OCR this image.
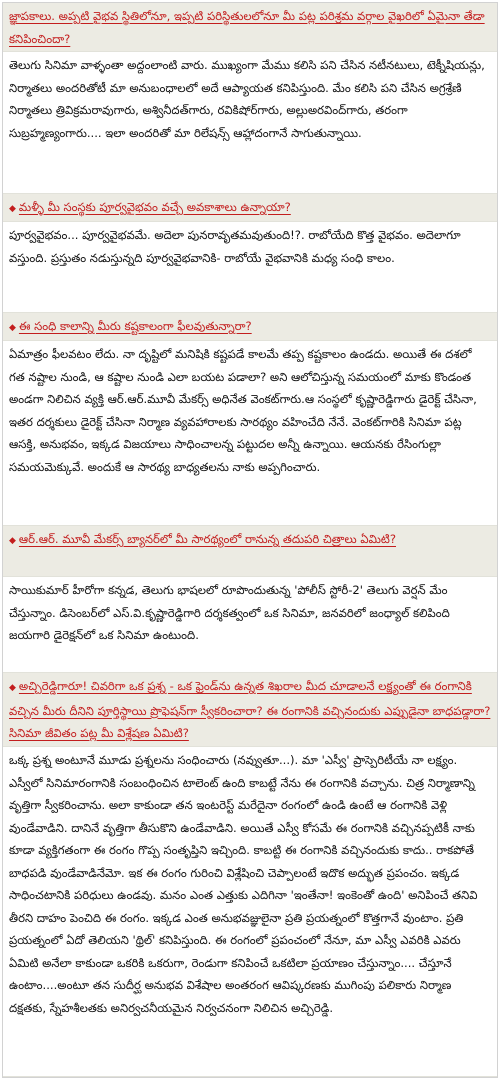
జ్ఞాపకాలు. అప్పటి వైభవ స్థితిలోనూ, ఇప్పటి పరిస్థితులలోనూ మీ పట్ల పరిశ్రమ వర్గాల వైఖరిలో ఏమైనా తేడా కనిపించిందా?
తెలుగు సినిమా వాళ్ళంతా అద్దంలాంటి వారు. ముఖ్యంగా మేము కలిసి పని చేసిన నటీనటులు, టెక్నీషియన్లు, నిర్మాతలు అందరితోటీ మా అనుబంధాలలో అదే ఆప్యాయత కనిపిస్తుంది. మేం కలిసి పని చేసిన అగ్రశ్రేణి నిర్మాతలు త్రివిక్రమరావుగారు, అశ్వినీదత్‌గారు, రవికిషోర్‌గారు, అల్లుఅరవింద్‌గారు, తరంగా సుబ్రహ్మణ్యంగారు.... ఇలా అందరితో మా రిలేషన్స్ ఆహ్లాదంగానే సాగుతున్నాయి.
◆ మళ్ళీ మీ సంస్థకు పూర్వవైభవం వచ్చే అవకాశాలు ఉన్నాయా?
పూర్వవైభవం... పూర్వవైభవమే. అదెలా పునరావృతమవుతుంది!?. రాబోయేది కొత్త వైభవం. అదెలాగూ వస్తుంది. ప్రస్తుతం నడుస్తున్నది పూర్వవైభవానికి- రాబోయే వైభవానికి మధ్య సంధి కాలం.
◆ ఈ సంధి కాలాన్ని మీరు కష్టకాలంగా ఫీలవుతున్నారా?
ఏమాత్రం ఫీలవటం లేదు. నా దృష్టిలో మనిషికి కష్టపడే కాలమే తప్ప కష్టకాలం ఉండదు. అయితే ఈ దశలో గత నష్టాల నుండి, ఆ కష్టాల నుండి ఎలా బయట పడాలా? అని ఆలోచిస్తున్న సమయంలో మాకు కొండంత అండగా నిలిచిన వ్యక్తి ఆర్.ఆర్.మూవీ మేకర్స్ అధినేత వెంకట్‌గారు.ఆ సంస్థలో కృష్ణారెడ్డిగారు డైరెక్ట్ చేసినా, ఇతర దర్శకులు డైరెక్ట్ చేసినా నిర్మాణ వ్యవహారాలకు సారథ్యం వహించేది నేనే. వెంకట్‌గారికి సినిమా పట్ల ఆసక్తి, అనుభవం, ఇక్కడ విజయాలు సాధించాలన్న పట్టుదల అన్నీ ఉన్నాయి. ఆయనకు రేసింగుల్లా సమయమెక్కువే. అందుకే ఆ సారథ్య బాధ్యతలను నాకు అప్పగించారు.
◆ ఆర్.ఆర్. మూవీ మేకర్స్ బ్యానర్‌లో మీ సారథ్యంలో రానున్న తదుపరి చిత్రాలు ఏమిటి?
సాయికుమార్ హీరోగా కన్నడ, తెలుగు భాషలలో రూపొందుతున్న 'పోలీస్ స్టోరీ-2' తెలుగు వెర్షన్ మేం చేస్తున్నాం. డిసెంబర్‌లో ఎస్.వి.కృష్ణారెడ్డిగారి దర్శకత్వంలో ఒక సినిమా, జనవరిలో జంధ్యాల్ కలిపింది జయగారి డైరెక్షన్‌లో ఒక సినిమా ఉంటుంది.
◆ అచ్చిరెడ్డిగారూ! చివరిగా ఒక ప్రశ్న - ఒక ఫ్రెండ్‌ను ఉన్నత శిఖరాల మీద చూడాలనే లక్ష్యంతో ఈ రంగానికి వచ్చిన మీరు దీనిని పూర్తిస్థాయి ప్రొఫెషన్‌గా స్వీకరించారా? ఈ రంగానికి వచ్చినందుకు ఎప్పుడైనా బాధపడ్డారా? సినిమా జీవితం పట్ల మీ విశ్లేషణ ఏమిటి?
ఒక్క ప్రశ్న అంటూనే మూడు ప్రశ్నలను సంధించారు (నవ్వుతూ...). మా 'ఎస్వీ' ప్రాస్పెరిటీయే నా లక్ష్యం. ఎస్వీలో సినిమారంగానికి సంబంధించిన టాలెంట్ ఉంది కాబట్టే నేను ఈ రంగానికి వచ్చాను. చిత్ర నిర్మాణాన్ని వృత్తిగా స్వీకరించాను. అలా కాకుండా తన ఇంటరెస్ట్ మరేదైనా రంగంలో ఉండి ఉంటే ఆ రంగానికి వెళ్లి వుండేవాడిని. దానినే వృత్తిగా తీసుకొని ఉండేవాడిని. అయితే ఎస్వీ కోసమే ఈ రంగానికి వచ్చినప్పటికీ నాకు కూడా వ్యక్తిగతంగా ఈ రంగం గొప్ప సంతృప్తిని ఇచ్చింది. కాబట్టి ఈ రంగానికి వచ్చినందుకు కాదు.. రాకపోతే బాధపడి వుండేవాడినేమో. ఇక ఈ రంగం గురించి విశ్లేషించి చెప్పాలంటే ఇదొక అద్భుత ప్రపంచం. ఇక్కడ సాధించటానికి పరిధులు ఉండవు. మనం ఎంత ఎత్తుకు ఎదిగినా 'ఇంతేనా! ఇంకెంతో ఉంది' అనిపించే తనివి తీరని దాహం పెంచిది ఈ రంగం. ఇక్కడ ఎంత అనుభవజ్ఞులైనా ప్రతి ప్రయత్నంలో కొత్తగానే వుంటాం. ప్రతి ప్రయత్నంలో ఏదో తెలియని 'థ్రిల్' కనిపిస్తుంది. ఈ రంగంలో ప్రపంచంలో నేనూ, మా ఎస్వీ ఎవరికి ఎవరు ఏమిటి అనేలా కాకుండా ఒకరికి ఒకరుగా, రెండుగా కనిపించే ఒకటిలా ప్రయాణం చేస్తున్నాం.... చేస్తూనే ఉంటాం....అంటూ తన సుదీర్ఘ అనుభవ విశేషాల అంతరంగ ఆవిష్కరణకు ముగింపు పలికారు నిర్మాణ దక్షతకు, స్నేహశీలతకు అనిర్వచనీయమైన నిర్వచనంగా నిలిచిన అచ్చిరెడ్డి.
